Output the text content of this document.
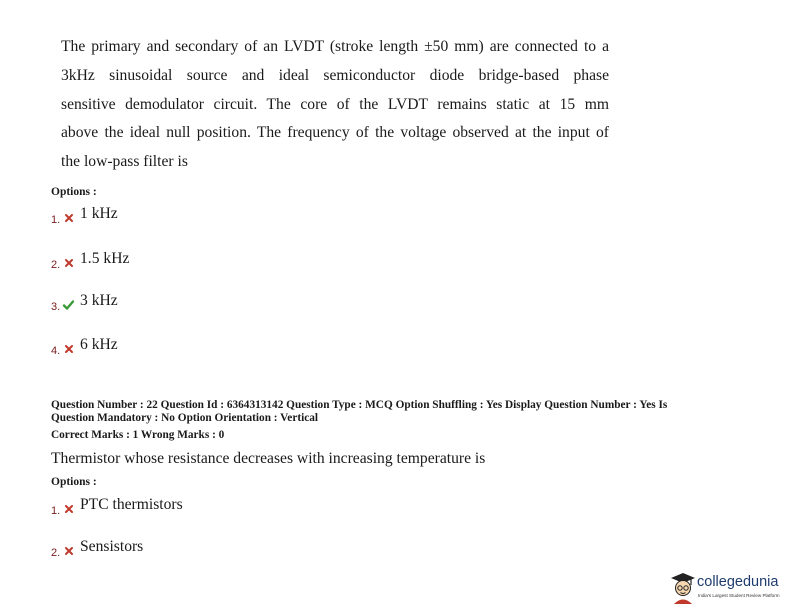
The primary and secondary of an LVDT (stroke length ±50 mm) are connected to a
3kHz sinusoidal source and ideal semiconductor diode bridge-based phase
sensitive demodulator circuit. The core of the LVDT remains static at 15 mm
above the ideal null position. The frequency of the voltage observed at the input of
the low-pass filter is
Options :
1. 1 kHz
2. 1.5 kHz
3. 3 kHz
4. 6 kHz
Question Number : 22 Question Id : 6364313142 Question Type : MCQ Option Shuffling : Yes Display Question Number : Yes Is
Question Mandatory : No Option Orientation : Vertical
Correct Marks : 1 Wrong Marks : 0
Thermistor whose resistance decreases with increasing temperature is
Options :
1. PTC thermistors
2. Sensistors
collegedunia
India's Largest Student Review Platform
